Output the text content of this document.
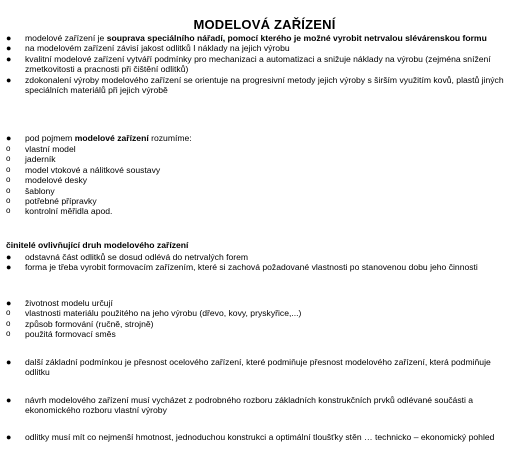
MODELOVÁ ZAŘÍZENÍ
●	modelové zařízení je souprava speciálního nářadí, pomocí kterého je možné vyrobit netrvalou slévárenskou formu
●	na modelovém zařízení závisí jakost odlitků I náklady na jejich výrobu
●	kvalitní modelové zařízení vytváří podmínky pro mechanizaci a automatizaci a snižuje náklady na výrobu (zejména snížení zmetkovitosti a pracnosti při čištění odlitků)
●	zdokonalení výroby modelového zařízení se orientuje na progresivní metody jejich výroby s širším využitím kovů, plastů jiných speciálních materiálů při jejich výrobě
●	pod pojmem modelové zařízení rozumíme:
o	vlastní model
o	jaderník
o	model vtokové a nálitkové soustavy
o	modelové desky
o	šablony
o	potřebné přípravky
o	kontrolní měřidla apod.
činitelé ovlivňující druh modelového zařízení
●	odstavná část odlitků se dosud odlévá do netrvalých forem
●	forma je třeba vyrobit formovacím zařízením, které si zachová požadované vlastnosti po stanovenou dobu jeho činnosti
●	životnost modelu určují
o	vlastnosti materiálu použitého na jeho výrobu (dřevo, kovy, pryskyřice,...)
o	způsob formování (ručně, strojně)
o	použitá formovací směs
●	další základní podmínkou je přesnost ocelového zařízení, které podmiňuje přesnost modelového zařízení, která podmiňuje odlitku
●	návrh modelového zařízení musí vycházet z podrobného rozboru základních konstrukčních prvků odlévané součásti a ekonomického rozboru vlastní výroby
●	odlitky musí mít co nejmenší hmotnost, jednoduchou konstrukci a optimální tloušťky stěn … technicko – ekonomický pohled
